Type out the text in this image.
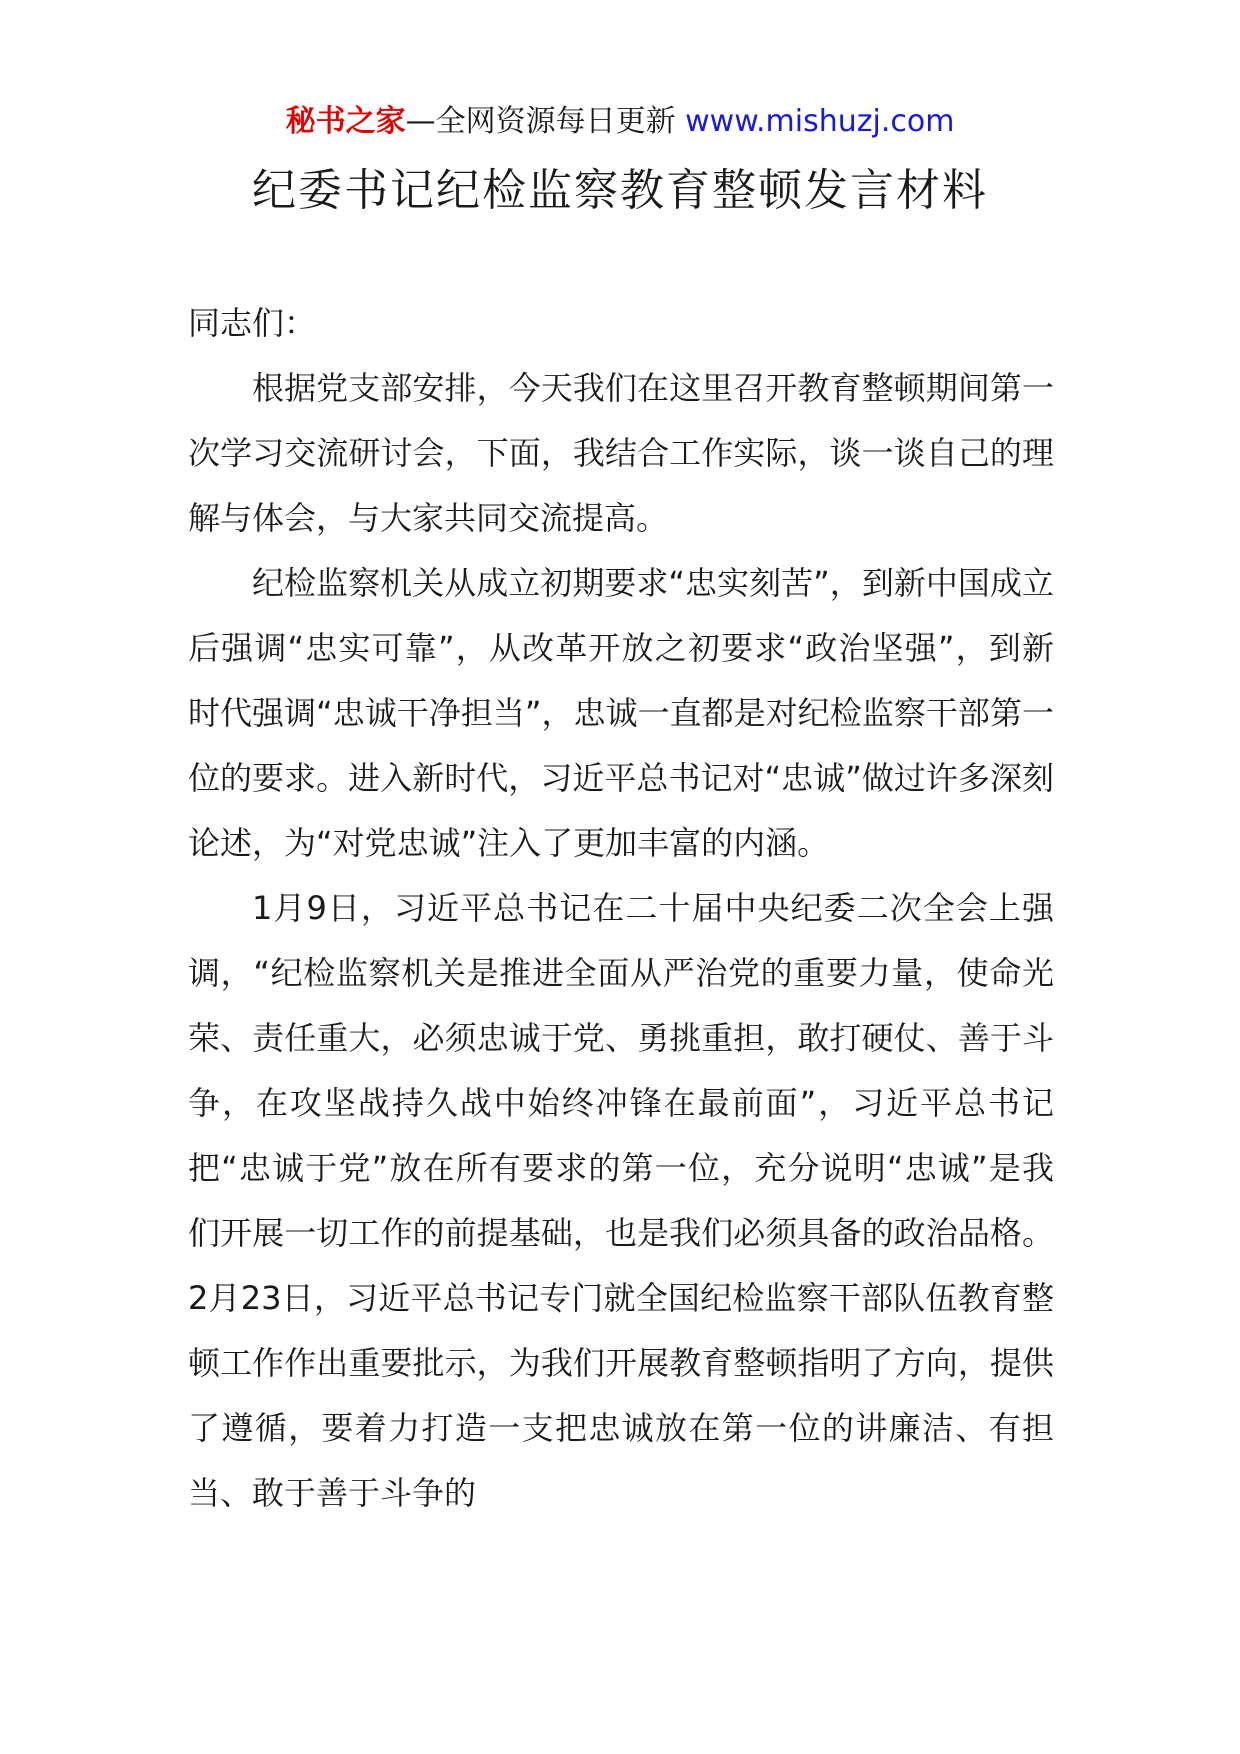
秘书之家—全网资源每日更新 www.mishuzj.com
纪委书记纪检监察教育整顿发言材料

同志们：

根据党支部安排，今天我们在这里召开教育整顿期间第一次学习交流研讨会，下面，我结合工作实际，谈一谈自己的理解与体会，与大家共同交流提高。

纪检监察机关从成立初期要求“忠实刻苦”，到新中国成立后强调“忠实可靠”，从改革开放之初要求“政治坚强”，到新时代强调“忠诚干净担当”，忠诚一直都是对纪检监察干部第一位的要求。进入新时代，习近平总书记对“忠诚”做过许多深刻论述，为“对党忠诚”注入了更加丰富的内涵。

1月9日，习近平总书记在二十届中央纪委二次全会上强调，“纪检监察机关是推进全面从严治党的重要力量，使命光荣、责任重大，必须忠诚于党、勇挑重担，敢打硬仗、善于斗争，在攻坚战持久战中始终冲锋在最前面”，习近平总书记把“忠诚于党”放在所有要求的第一位，充分说明“忠诚”是我们开展一切工作的前提基础，也是我们必须具备的政治品格。2月23日，习近平总书记专门就全国纪检监察干部队伍教育整顿工作作出重要批示，为我们开展教育整顿指明了方向，提供了遵循，要着力打造一支把忠诚放在第一位的讲廉洁、有担当、敢于善于斗争的
